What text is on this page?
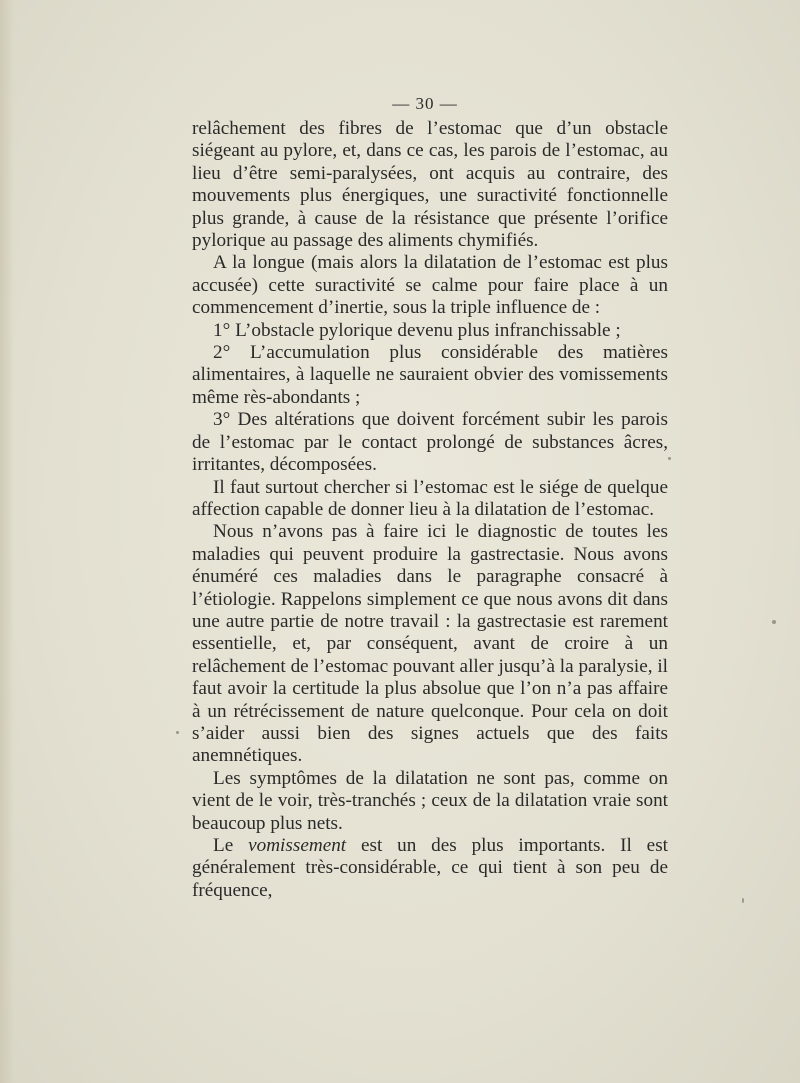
— 30 —

relâchement des fibres de l’estomac que d’un obstacle siégeant au pylore, et, dans ce cas, les parois de l’estomac, au lieu d’être semi-paralysées, ont acquis au contraire, des mouvements plus énergiques, une suractivité fonctionnelle plus grande, à cause de la résistance que présente l’orifice pylorique au passage des aliments chymifiés.

A la longue (mais alors la dilatation de l’estomac est plus accusée) cette suractivité se calme pour faire place à un commencement d’inertie, sous la triple influence de :

1° L’obstacle pylorique devenu plus infranchissable ;

2° L’accumulation plus considérable des matières alimentaires, à laquelle ne sauraient obvier des vomissements même rès-abondants ;

3° Des altérations que doivent forcément subir les parois de l’estomac par le contact prolongé de substances âcres, irritantes, décomposées.

Il faut surtout chercher si l’estomac est le siége de quelque affection capable de donner lieu à la dilatation de l’estomac.

Nous n’avons pas à faire ici le diagnostic de toutes les maladies qui peuvent produire la gastrectasie. Nous avons énuméré ces maladies dans le paragraphe consacré à l’étiologie. Rappelons simplement ce que nous avons dit dans une autre partie de notre travail : la gastrectasie est rarement essentielle, et, par conséquent, avant de croire à un relâchement de l’estomac pouvant aller jusqu’à la paralysie, il faut avoir la certitude la plus absolue que l’on n’a pas affaire à un rétrécissement de nature quelconque. Pour cela on doit s’aider aussi bien des signes actuels que des faits anemnétiques.

Les symptômes de la dilatation ne sont pas, comme on vient de le voir, très-tranchés ; ceux de la dilatation vraie sont beaucoup plus nets.

Le vomissement est un des plus importants. Il est généralement très-considérable, ce qui tient à son peu de fréquence,
